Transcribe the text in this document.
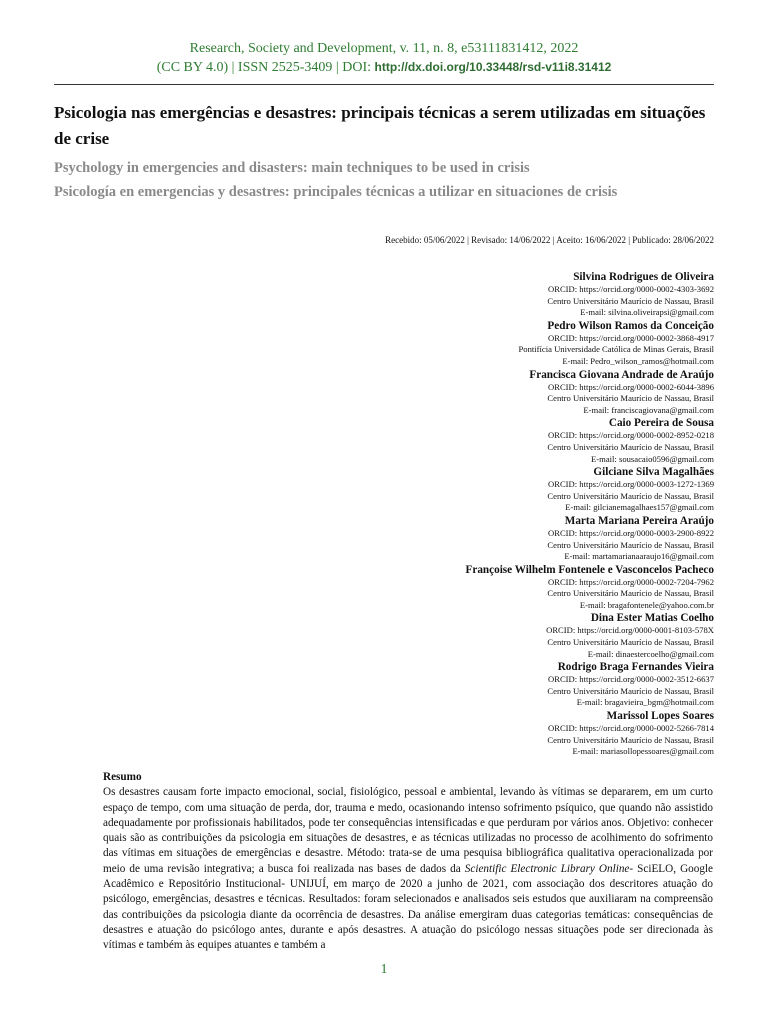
Research, Society and Development, v. 11, n. 8, e53111831412, 2022
(CC BY 4.0) | ISSN 2525-3409 | DOI: http://dx.doi.org/10.33448/rsd-v11i8.31412
Psicologia nas emergências e desastres: principais técnicas a serem utilizadas em situações de crise
Psychology in emergencies and disasters: main techniques to be used in crisis
Psicología en emergencias y desastres: principales técnicas a utilizar en situaciones de crisis
Recebido: 05/06/2022 | Revisado: 14/06/2022 | Aceito: 16/06/2022 | Publicado: 28/06/2022
Silvina Rodrigues de Oliveira
ORCID: https://orcid.org/0000-0002-4303-3692
Centro Universitário Maurício de Nassau, Brasil
E-mail: silvina.oliveirapsi@gmail.com
Pedro Wilson Ramos da Conceição
ORCID: https://orcid.org/0000-0002-3868-4917
Pontifícia Universidade Católica de Minas Gerais, Brasil
E-mail: Pedro_wilson_ramos@hotmail.com
Francisca Giovana Andrade de Araújo
ORCID: https://orcid.org/0000-0002-6044-3896
Centro Universitário Maurício de Nassau, Brasil
E-mail: franciscagiovana@gmail.com
Caio Pereira de Sousa
ORCID: https://orcid.org/0000-0002-8952-0218
Centro Universitário Maurício de Nassau, Brasil
E-mail: sousacaio0596@gmail.com
Gilciane Silva Magalhães
ORCID: https://orcid.org/0000-0003-1272-1369
Centro Universitário Maurício de Nassau, Brasil
E-mail: gilcianemagalhaes157@gmail.com
Marta Mariana Pereira Araújo
ORCID: https://orcid.org/0000-0003-2900-8922
Centro Universitário Maurício de Nassau, Brasil
E-mail: martamarianaaraujo16@gmail.com
Françoise Wilhelm Fontenele e Vasconcelos Pacheco
ORCID: https://orcid.org/0000-0002-7204-7962
Centro Universitário Maurício de Nassau, Brasil
E-mail: bragafontenele@yahoo.com.br
Dina Ester Matias Coelho
ORCID: https://orcid.org/0000-0001-8103-578X
Centro Universitário Maurício de Nassau, Brasil
E-mail: dinaestercoelho@gmail.com
Rodrigo Braga Fernandes Vieira
ORCID: https://orcid.org/0000-0002-3512-6637
Centro Universitário Maurício de Nassau, Brasil
E-mail: bragavieira_bgm@hotmail.com
Marissol Lopes Soares
ORCID: https://orcid.org/0000-0002-5266-7814
Centro Universitário Maurício de Nassau, Brasil
E-mail: mariasollopessoares@gmail.com
Resumo

Os desastres causam forte impacto emocional, social, fisiológico, pessoal e ambiental, levando às vítimas se depararem, em um curto espaço de tempo, com uma situação de perda, dor, trauma e medo, ocasionando intenso sofrimento psíquico, que quando não assistido adequadamente por profissionais habilitados, pode ter consequências intensificadas e que perduram por vários anos. Objetivo: conhecer quais são as contribuições da psicologia em situações de desastres, e as técnicas utilizadas no processo de acolhimento do sofrimento das vítimas em situações de emergências e desastre. Método: trata-se de uma pesquisa bibliográfica qualitativa operacionalizada por meio de uma revisão integrativa; a busca foi realizada nas bases de dados da Scientific Electronic Library Online- SciELO, Google Acadêmico e Repositório Institucional- UNIJUÍ, em março de 2020 a junho de 2021, com associação dos descritores atuação do psicólogo, emergências, desastres e técnicas. Resultados: foram selecionados e analisados seis estudos que auxiliaram na compreensão das contribuições da psicologia diante da ocorrência de desastres. Da análise emergiram duas categorias temáticas: consequências de desastres e atuação do psicólogo antes, durante e após desastres. A atuação do psicólogo nessas situações pode ser direcionada às vítimas e também às equipes atuantes e também a

1
